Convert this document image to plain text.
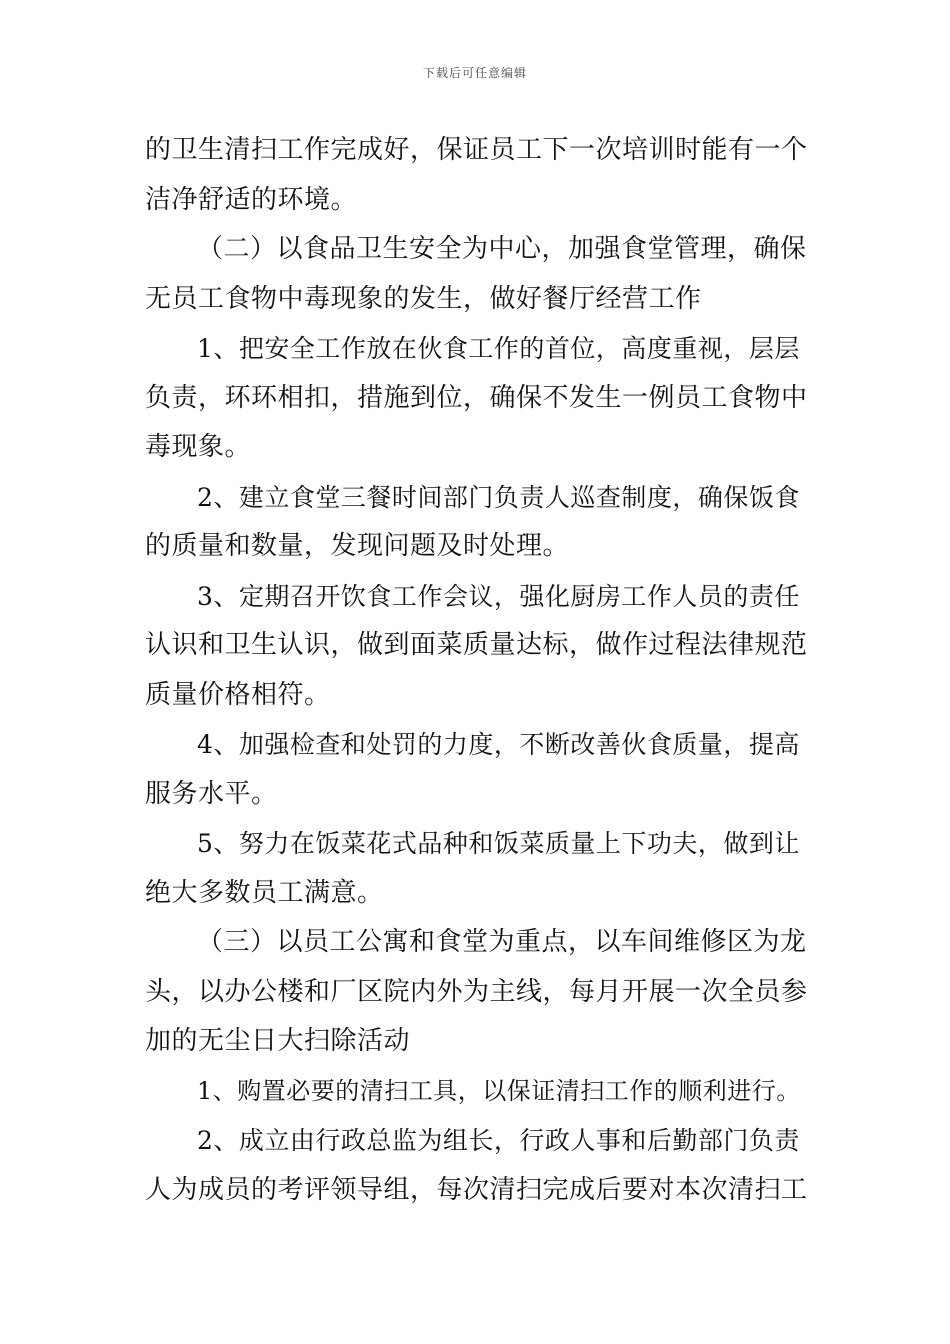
下载后可任意编辑
的卫生清扫工作完成好，保证员工下一次培训时能有一个
洁净舒适的环境。
（二）以食品卫生安全为中心，加强食堂管理，确保
无员工食物中毒现象的发生，做好餐厅经营工作
1、把安全工作放在伙食工作的首位，高度重视，层层
负责，环环相扣，措施到位，确保不发生一例员工食物中
毒现象。
2、建立食堂三餐时间部门负责人巡查制度，确保饭食
的质量和数量，发现问题及时处理。
3、定期召开饮食工作会议，强化厨房工作人员的责任
认识和卫生认识，做到面菜质量达标，做作过程法律规范
质量价格相符。
4、加强检查和处罚的力度，不断改善伙食质量，提高
服务水平。
5、努力在饭菜花式品种和饭菜质量上下功夫，做到让
绝大多数员工满意。
（三）以员工公寓和食堂为重点，以车间维修区为龙
头，以办公楼和厂区院内外为主线，每月开展一次全员参
加的无尘日大扫除活动
1、购置必要的清扫工具，以保证清扫工作的顺利进行。
2、成立由行政总监为组长，行政人事和后勤部门负责
人为成员的考评领导组，每次清扫完成后要对本次清扫工
